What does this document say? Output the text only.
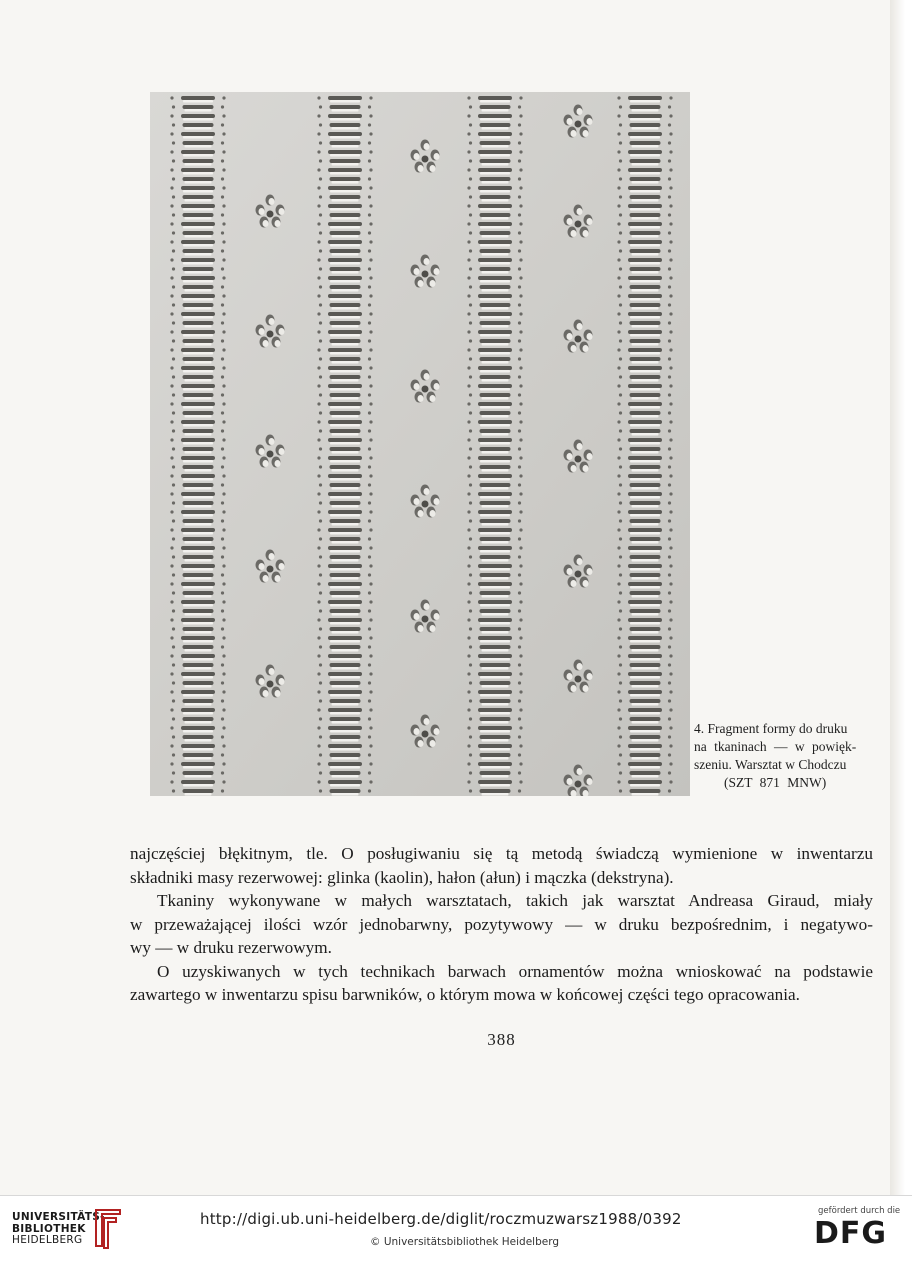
4. Fragment formy do druku
na tkaninach — w powięk-
szeniu. Warsztat w Chodczu
(SZT 871 MNW)

najczęściej błękitnym, tle. O posługiwaniu się tą metodą świadczą wymienione w inwentarzu
składniki masy rezerwowej: glinka (kaolin), hałon (ałun) i mączka (dekstryna).

Tkaniny wykonywane w małych warsztatach, takich jak warsztat Andreasa Giraud, miały
w przeważającej ilości wzór jednobarwny, pozytywowy — w druku bezpośrednim, i negatywo-
wy — w druku rezerwowym.

O uzyskiwanych w tych technikach barwach ornamentów można wnioskować na podstawie
zawartego w inwentarzu spisu barwników, o którym mowa w końcowej części tego opracowania.

388
UNIVERSITÄTS-
BIBLIOTHEK
HEIDELBERG
http://digi.ub.uni-heidelberg.de/diglit/roczmuzwarsz1988/0392
© Universitätsbibliothek Heidelberg
gefördert durch die
DFG
